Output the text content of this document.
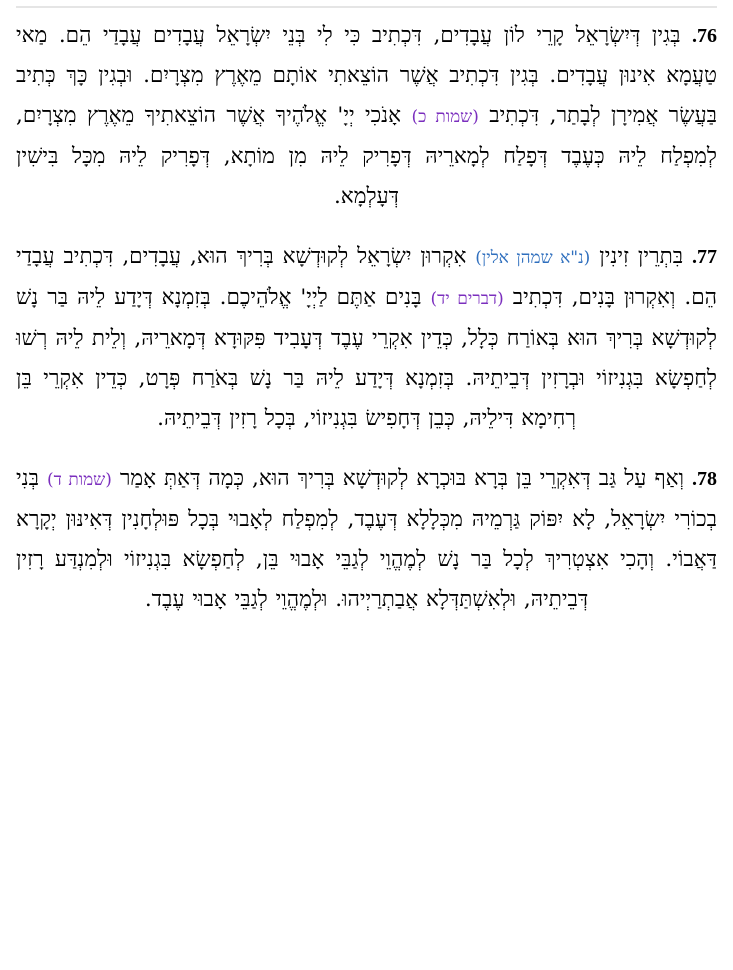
76. בְּגִין דְּיִשְׂרָאֵל קָרֵי לוֹן עֲבָדִים, דִּכְתִיב כִּי לִי בְּנֵי יִשְׂרָאֵל עֲבָדִים עֲבָדַי הֵם. מַאי טַעֲמָא אִינוּן עֲבָדִים. בְּגִין דִּכְתִיב אֲשֶׁר הוֹצֵאתִי אוֹתָם מֵאֶרֶץ מִצְרָיִם. וּבְגִין כָּךְ כְּתִיב בַּעֲשֶׂר אֲמִירָן לְבָתַר, דִּכְתִיב (שמות כ) אָנֹכִי יְיָ' אֱלֹהֶיךָ אֲשֶׁר הוֹצֵאתִיךָ מֵאֶרֶץ מִצְרָיִם, לְמִפְלַח לֵיהּ כְּעֶבֶד דְּפָלַח לְמָארֵיהּ דְּפָרִיק לֵיהּ מִן מוֹתָא, דְּפָרִיק לֵיהּ מִכָּל בִּישִׁין דְּעָלְמָא.
77. בִּתְרֵין זִינִין (נ"א שמהן אלין) אִקְרוּן יִשְׂרָאֵל לְקוּדְשָׁא בְּרִיךְ הוּא, עֲבָדִים, דִּכְתִיב עֲבָדַי הֵם. וְאִקְרוּן בָּנִים, דִּכְתִיב (דברים יד) בָּנִים אַתֶּם לַיְיָ' אֱלֹהֵיכֶם. בְּזִמְנָא דְּיָדַע לֵיהּ בַּר נָשׁ לְקוּדְשָׁא בְּרִיךְ הוּא בְּאוֹרַח כְּלָל, כְּדֵין אִקְרֵי עֶבֶד דְּעָבִיד פִּקּוּדָא דְּמָארֵיהּ, וְלֵית לֵיהּ רְשׁוּ לְחַפְשָׂא בִּגְנִיזוֹי וּבְרָזִין דְּבֵיתֵיהּ. בְּזִמְנָא דְּיָדַע לֵיהּ בַּר נָשׁ בְּאֹרַח פְּרָט, כְּדֵין אִקְרֵי בֵּן רְחִימָא דִּילֵיהּ, כְּבֵן דְּחָפִישׂ בִּגְנִיזוֹי, בְּכָל רָזִין דְּבֵיתֵיהּ.
78. וְאַף עַל גַּב דְּאִקְרֵי בֵּן בְּרָא בּוּכְרָא לְקוּדְשָׁא בְּרִיךְ הוּא, כְּמָה דְּאַתְּ אָמַר (שמות ד) בְּנִי בְכוֹרִי יִשְׂרָאֵל, לָא יִפּוֹק גַּרְמֵיהּ מִכְּלָלָא דְּעֶבֶד, לְמִפְלַח לְאָבוּי בְּכָל פּוּלְחָנִין דְּאִינּוּן יְקָרָא דַּאֲבוֹי. וְהָכִי אִצְטְרִיךְ לְכָל בַּר נָשׁ לְמֶהֱוֵי לְגַבֵּי אָבוּי בֵּן, לְחַפְשָׂא בִּגְנִיזוֹי וּלְמִנְדַּע רָזִין דְּבֵיתֵיהּ, וּלְאִשְׁתַּדְּלָא אֲבַתְרַיְיהוּ. וּלְמֶהֱוֵי לְגַבֵּי אָבוּי עֶבֶד.
